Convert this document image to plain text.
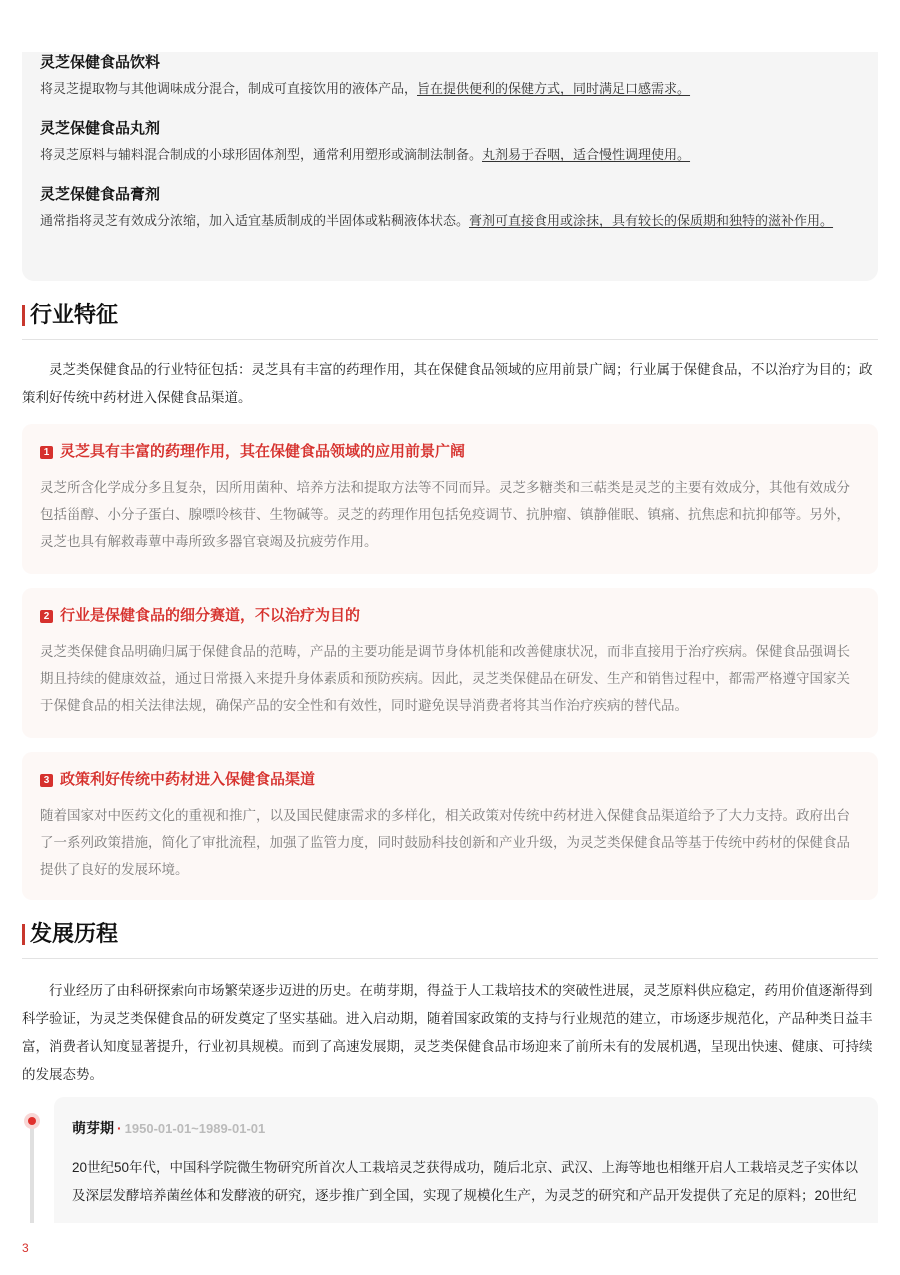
灵芝保健食品饮料
将灵芝提取物与其他调味成分混合，制成可直接饮用的液体产品，旨在提供便利的保健方式，同时满足口感需求。
灵芝保健食品丸剂
将灵芝原料与辅料混合制成的小球形固体剂型，通常利用塑形或滴制法制备。丸剂易于吞咽，适合慢性调理使用。
灵芝保健食品膏剂
通常指将灵芝有效成分浓缩，加入适宜基质制成的半固体或粘稠液体状态。膏剂可直接食用或涂抹，具有较长的保质期和独特的滋补作用。
行业特征
灵芝类保健食品的行业特征包括：灵芝具有丰富的药理作用，其在保健食品领域的应用前景广阔；行业属于保健食品，不以治疗为目的；政策利好传统中药材进入保健食品渠道。
1 灵芝具有丰富的药理作用，其在保健食品领域的应用前景广阔
灵芝所含化学成分多且复杂，因所用菌种、培养方法和提取方法等不同而异。灵芝多糖类和三萜类是灵芝的主要有效成分，其他有效成分包括甾醇、小分子蛋白、腺嘌呤核苷、生物碱等。灵芝的药理作用包括免疫调节、抗肿瘤、镇静催眠、镇痛、抗焦虑和抗抑郁等。另外，灵芝也具有解救毒蕈中毒所致多器官衰竭及抗疲劳作用。
2 行业是保健食品的细分赛道，不以治疗为目的
灵芝类保健食品明确归属于保健食品的范畴，产品的主要功能是调节身体机能和改善健康状况，而非直接用于治疗疾病。保健食品强调长期且持续的健康效益，通过日常摄入来提升身体素质和预防疾病。因此，灵芝类保健品在研发、生产和销售过程中，都需严格遵守国家关于保健食品的相关法律法规，确保产品的安全性和有效性，同时避免误导消费者将其当作治疗疾病的替代品。
3 政策利好传统中药材进入保健食品渠道
随着国家对中医药文化的重视和推广，以及国民健康需求的多样化，相关政策对传统中药材进入保健食品渠道给予了大力支持。政府出台了一系列政策措施，简化了审批流程，加强了监管力度，同时鼓励科技创新和产业升级，为灵芝类保健食品等基于传统中药材的保健食品提供了良好的发展环境。
发展历程
行业经历了由科研探索向市场繁荣逐步迈进的历史。在萌芽期，得益于人工栽培技术的突破性进展，灵芝原料供应稳定，药用价值逐渐得到科学验证，为灵芝类保健食品的研发奠定了坚实基础。进入启动期，随着国家政策的支持与行业规范的建立，市场逐步规范化，产品种类日益丰富，消费者认知度显著提升，行业初具规模。而到了高速发展期，灵芝类保健食品市场迎来了前所未有的发展机遇，呈现出快速、健康、可持续的发展态势。
萌芽期 · 1950-01-01~1989-01-01
20世纪50年代，中国科学院微生物研究所首次人工栽培灵芝获得成功，随后北京、武汉、上海等地也相继开启人工栽培灵芝子实体以及深层发酵培养菌丝体和发酵液的研究，逐步推广到全国，实现了规模化生产，为灵芝的研究和产品开发提供了充足的原料；20世纪
3
